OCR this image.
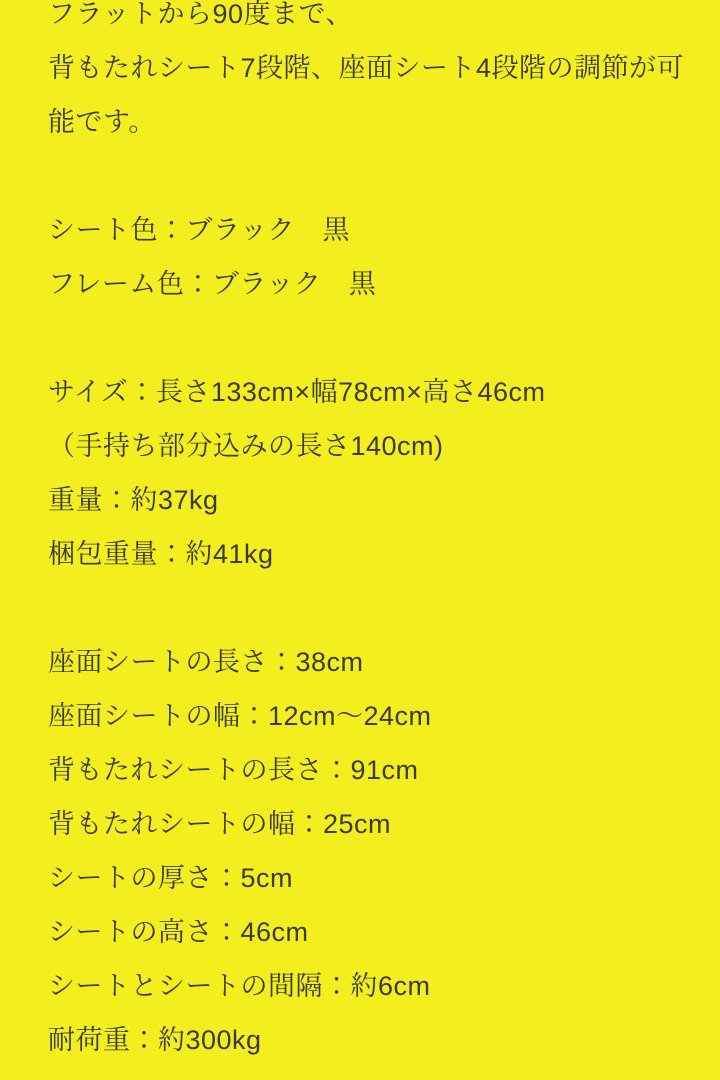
フラットから90度まで、
背もたれシート7段階、座面シート4段階の調節が可
能です。
シート色：ブラック　黒
フレーム色：ブラック　黒
サイズ：長さ133cm×幅78cm×高さ46cm
（手持ち部分込みの長さ140cm)
重量：約37kg
梱包重量：約41kg
座面シートの長さ：38cm
座面シートの幅：12cm〜24cm
背もたれシートの長さ：91cm
背もたれシートの幅：25cm
シートの厚さ：5cm
シートの高さ：46cm
シートとシートの間隔：約6cm
耐荷重：約300kg
